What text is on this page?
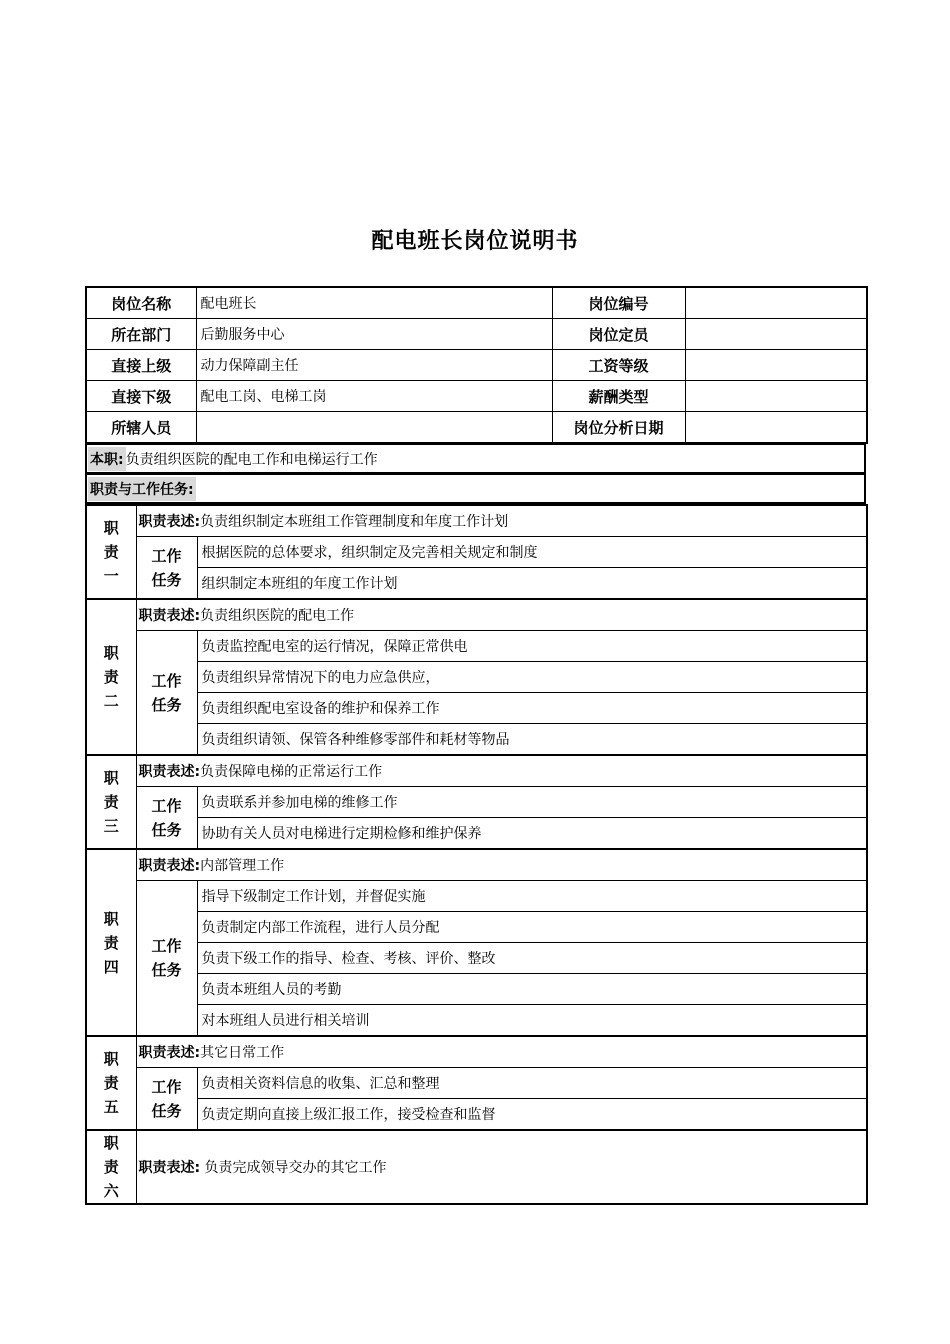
配电班长岗位说明书
岗位名称	配电班长	岗位编号	
所在部门	后勤服务中心	岗位定员	
直接上级	动力保障副主任	工资等级	
直接下级	配电工岗、电梯工岗	薪酬类型	
所辖人员		岗位分析日期	
本职: 负责组织医院的配电工作和电梯运行工作
职责与工作任务:
职
责
一	职责表述:负责组织制定本班组工作管理制度和年度工作计划	

	工作
任务	根据医院的总体要求，组织制定及完善相关规定和制度
		组织制定本班组的年度工作计划

职
责
二	职责表述:负责组织医院的配电工作	

	工作
任务	负责监控配电室的运行情况，保障正常供电
		负责组织异常情况下的电力应急供应，
		负责组织配电室设备的维护和保养工作
		负责组织请领、保管各种维修零部件和耗材等物品

职
责
三	职责表述:负责保障电梯的正常运行工作	

	工作
任务	负责联系并参加电梯的维修工作
		协助有关人员对电梯进行定期检修和维护保养

职
责
四	职责表述:内部管理工作	

	工作
任务	指导下级制定工作计划，并督促实施
		负责制定内部工作流程，进行人员分配
		负责下级工作的指导、检查、考核、评价、整改
		负责本班组人员的考勤
		对本班组人员进行相关培训

职
责
五	职责表述:其它日常工作	

	工作
任务	负责相关资料信息的收集、汇总和整理
		负责定期向直接上级汇报工作，接受检查和监督

职
责
六	职责表述: 负责完成领导交办的其它工作	
